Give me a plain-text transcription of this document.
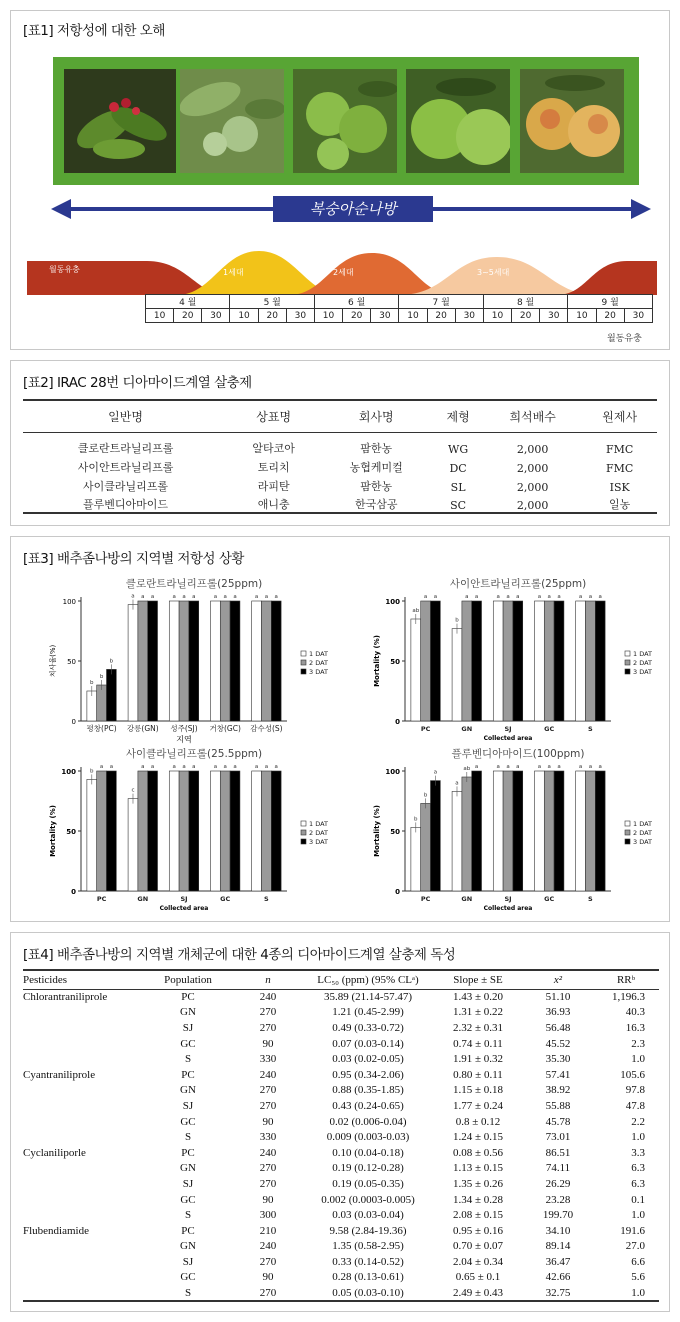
[표1] 저항성에 대한 오해
복숭아순나방
월동유충	1세대	2세대	3~5세대
4 월			5 월			6 월			7 월			8 월			9 월		
10	20	30	10	20	30	10	20	30	10	20	30	10	20	30	10	20	30
월동유충
[표2] IRAC 28번 디아마이드계열 살충제
일반명	상표명	회사명	제형	희석배수	원제사
클로란트라닐리프롤	알타코아	팜한농	WG	2,000	FMC
사이안트라닐리프롤	토리치	농협케미컬	DC	2,000	FMC
사이클라닐리프롤	라피탄	팜한농	SL	2,000	ISK
플루벤디아마이드	애니충	한국삼공	SC	2,000	일농
[표3] 배추좀나방의 지역별 저항성 상황
클로란트라닐리프롤(25ppm)
0
50
100
치사율(%)
b
b
b
평창(PC)
a a a
강릉(GN)
a a a
성주(SJ)
a a a
거창(GC)
a a a
감수성(S)
지역
1 DAT
2 DAT
3 DAT
사이안트라닐리프롤(25ppm)
0
50
100
Mortality (%)
ab
a a
PC
b
a a
GN
a a a
SJ
a a a
GC
a a a
S
Collected area
1 DAT
2 DAT
3 DAT
사이클라닐리프롤(25.5ppm)
0
50
100
Mortality (%)
b
a a
PC
c
a a
GN
a a a
SJ
a a a
GC
a a a
S
Collected area
1 DAT
2 DAT
3 DAT
플루벤디아마이드(100ppm)
0
50
100
Mortality (%)	b
b
a
PC
a
ab a
GN
a a a
SJ
a a a
GC
a a a
S
Collected area
1 DAT
2 DAT
3 DAT
[표4] 배추좀나방의 지역별 개체군에 대한 4종의 디아마이드계열 살충제 독성
Pesticides	Population	n	LC₅₀ (ppm) (95% CLᵃ)	Slope ± SE	x²	RRᵇ
Chlorantraniliprole	PC	240	35.89 (21.14-57.47)	1.43 ± 0.20	51.10	1,196.3
	GN	270	1.21 (0.45-2.99)	1.31 ± 0.22	36.93	40.3
	SJ	270	0.49 (0.33-0.72)	2.32 ± 0.31	56.48	16.3
	GC	90	0.07 (0.03-0.14)	0.74 ± 0.11	45.52	2.3
	S	330	0.03 (0.02-0.05)	1.91 ± 0.32	35.30	1.0
Cyantraniliprole	PC	240	0.95 (0.34-2.06)	0.80 ± 0.11	57.41	105.6
	GN	270	0.88 (0.35-1.85)	1.15 ± 0.18	38.92	97.8
	SJ	270	0.43 (0.24-0.65)	1.77 ± 0.24	55.88	47.8
	GC	90	0.02 (0.006-0.04)	0.8 ± 0.12	45.78	2.2
	S	330	0.009 (0.003-0.03)	1.24 ± 0.15	73.01	1.0
Cyclaniliporle	PC	240	0.10 (0.04-0.18)	0.08 ± 0.56	86.51	3.3
	GN	270	0.19 (0.12-0.28)	1.13 ± 0.15	74.11	6.3
	SJ	270	0.19 (0.05-0.35)	1.35 ± 0.26	26.29	6.3
	GC	90	0.002 (0.0003-0.005)	1.34 ± 0.28	23.28	0.1
	S	300	0.03 (0.03-0.04)	2.08 ± 0.15	199.70	1.0
Flubendiamide	PC	210	9.58 (2.84-19.36)	0.95 ± 0.16	34.10	191.6
	GN	240	1.35 (0.58-2.95)	0.70 ± 0.07	89.14	27.0
	SJ	270	0.33 (0.14-0.52)	2.04 ± 0.34	36.47	6.6
	GC	90	0.28 (0.13-0.61)	0.65 ± 0.1	42.66	5.6
	S	270	0.05 (0.03-0.10)	2.49 ± 0.43	32.75	1.0
